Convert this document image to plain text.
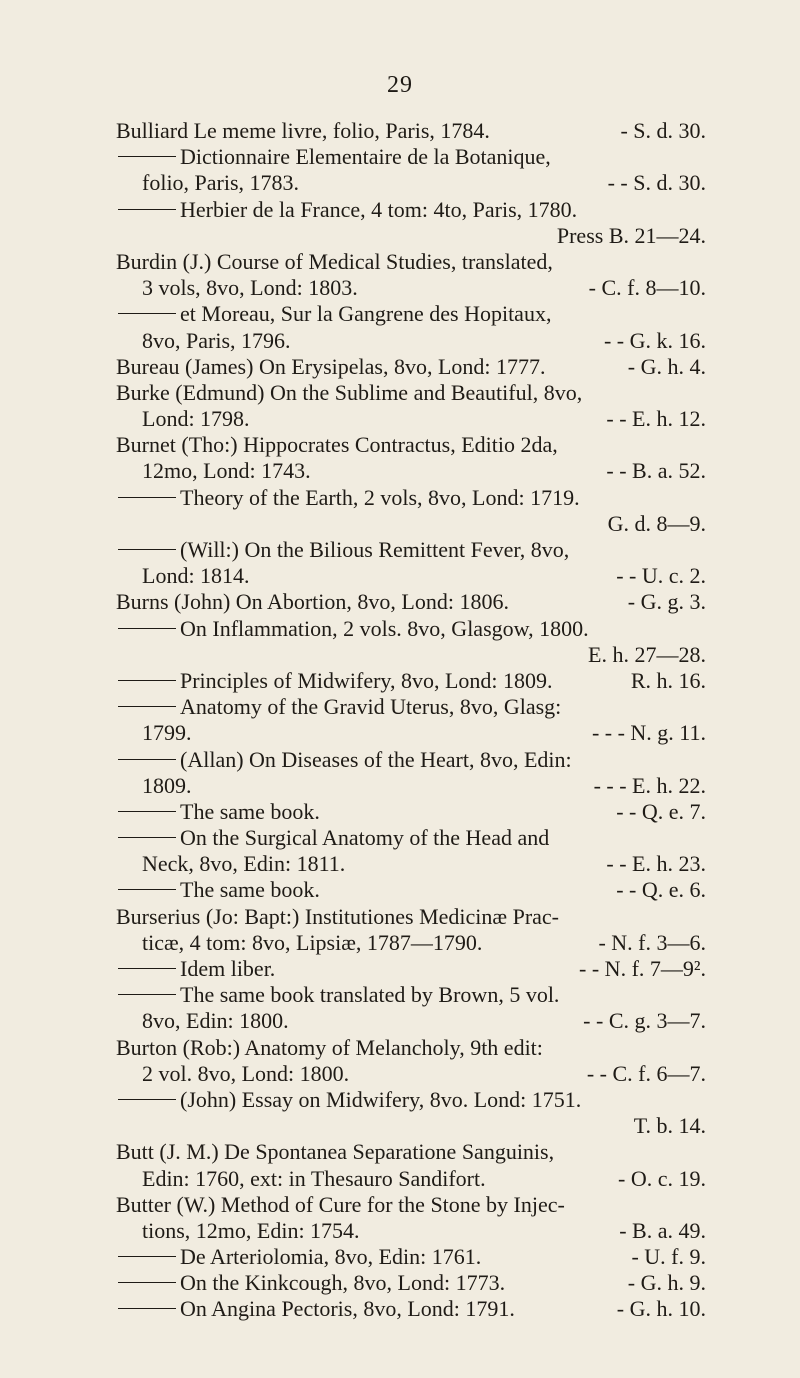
29
Bulliard Le meme livre, folio, Paris, 1784.	- S. d. 30.
Dictionnaire Elementaire de la Botanique,
folio, Paris, 1783.	- - S. d. 30.
Herbier de la France, 4 tom: 4to, Paris, 1780.
Press B. 21—24.
Burdin (J.) Course of Medical Studies, translated,
3 vols, 8vo, Lond: 1803.	- C. f. 8—10.
et Moreau, Sur la Gangrene des Hopitaux,
8vo, Paris, 1796.	- - G. k. 16.
Bureau (James) On Erysipelas, 8vo, Lond: 1777.	- G. h. 4.
Burke (Edmund) On the Sublime and Beautiful, 8vo,
Lond: 1798.	- - E. h. 12.
Burnet (Tho:) Hippocrates Contractus, Editio 2da,
12mo, Lond: 1743.	- - B. a. 52.
Theory of the Earth, 2 vols, 8vo, Lond: 1719.
G. d. 8—9.
(Will:) On the Bilious Remittent Fever, 8vo,
Lond: 1814.	- - U. c. 2.
Burns (John) On Abortion, 8vo, Lond: 1806.	- G. g. 3.
On Inflammation, 2 vols. 8vo, Glasgow, 1800.
E. h. 27—28.
Principles of Midwifery, 8vo, Lond: 1809.	R. h. 16.
Anatomy of the Gravid Uterus, 8vo, Glasg:
1799.	- - - N. g. 11.
(Allan) On Diseases of the Heart, 8vo, Edin:
1809.	- - - E. h. 22.
The same book.	- - Q. e. 7.
On the Surgical Anatomy of the Head and
Neck, 8vo, Edin: 1811.	- - E. h. 23.
The same book.	- - Q. e. 6.
Burserius (Jo: Bapt:) Institutiones Medicinæ Prac-
ticæ, 4 tom: 8vo, Lipsiæ, 1787—1790.	- N. f. 3—6.
Idem liber.	- - N. f. 7—9².
The same book translated by Brown, 5 vol.
8vo, Edin: 1800.	- - C. g. 3—7.
Burton (Rob:) Anatomy of Melancholy, 9th edit:
2 vol. 8vo, Lond: 1800.	- - C. f. 6—7.
(John) Essay on Midwifery, 8vo. Lond: 1751.
T. b. 14.
Butt (J. M.) De Spontanea Separatione Sanguinis,
Edin: 1760, ext: in Thesauro Sandifort.	- O. c. 19.
Butter (W.) Method of Cure for the Stone by Injec-
tions, 12mo, Edin: 1754.	- B. a. 49.
De Arteriolomia, 8vo, Edin: 1761.	- U. f. 9.
On the Kinkcough, 8vo, Lond: 1773.	- G. h. 9.
On Angina Pectoris, 8vo, Lond: 1791.	- G. h. 10.
